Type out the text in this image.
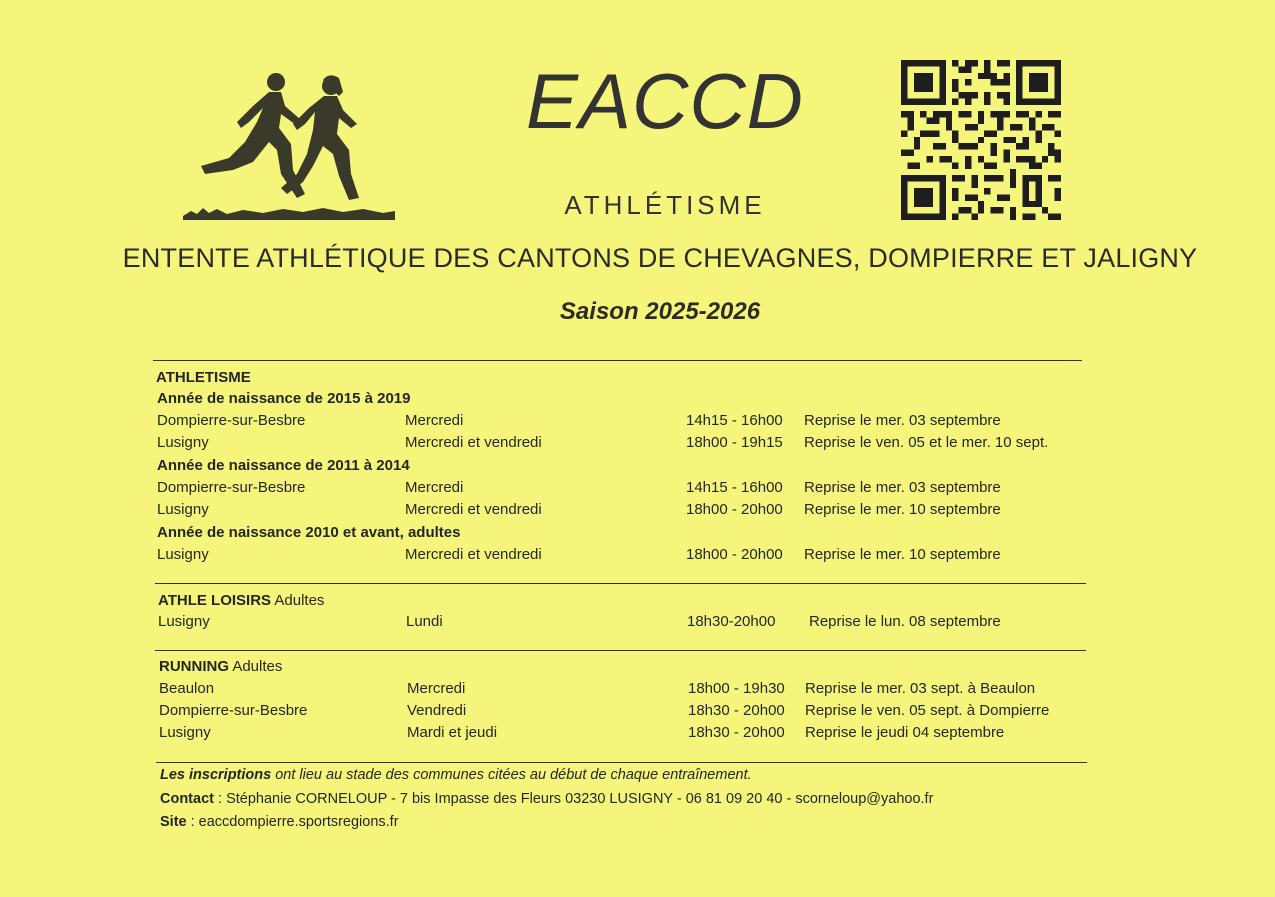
EACCD
ATHLÉTISME
ENTENTE ATHLÉTIQUE DES CANTONS DE CHEVAGNES, DOMPIERRE ET JALIGNY
Saison 2025-2026
ATHLETISME
Année de naissance de 2015 à 2019
Dompierre-sur-Besbre	Mercredi	14h15 - 16h00 Reprise le mer. 03 septembre
Lusigny	Mercredi et vendredi	18h00 - 19h15 Reprise le ven. 05 et le mer. 10 sept.
Année de naissance de 2011 à 2014
Dompierre-sur-Besbre	Mercredi	14h15 - 16h00 Reprise le mer. 03 septembre
Lusigny	Mercredi et vendredi	18h00 - 20h00 Reprise le mer. 10 septembre
Année de naissance 2010 et avant, adultes
Lusigny	Mercredi et vendredi	18h00 - 20h00 Reprise le mer. 10 septembre
ATHLE LOISIRS Adultes
Lusigny	Lundi	18h30-20h00 Reprise le lun. 08 septembre
RUNNING Adultes
Beaulon	Mercredi	18h00 - 19h30 Reprise le mer. 03 sept. à Beaulon
Dompierre-sur-Besbre	Vendredi	18h30 - 20h00 Reprise le ven. 05 sept. à Dompierre
Lusigny	Mardi et jeudi	18h30 - 20h00 Reprise le jeudi 04 septembre
Les inscriptions ont lieu au stade des communes citées au début de chaque entraînement.
Contact : Stéphanie CORNELOUP - 7 bis Impasse des Fleurs 03230 LUSIGNY - 06 81 09 20 40 - scorneloup@yahoo.fr
Site : eaccdompierre.sportsregions.fr
